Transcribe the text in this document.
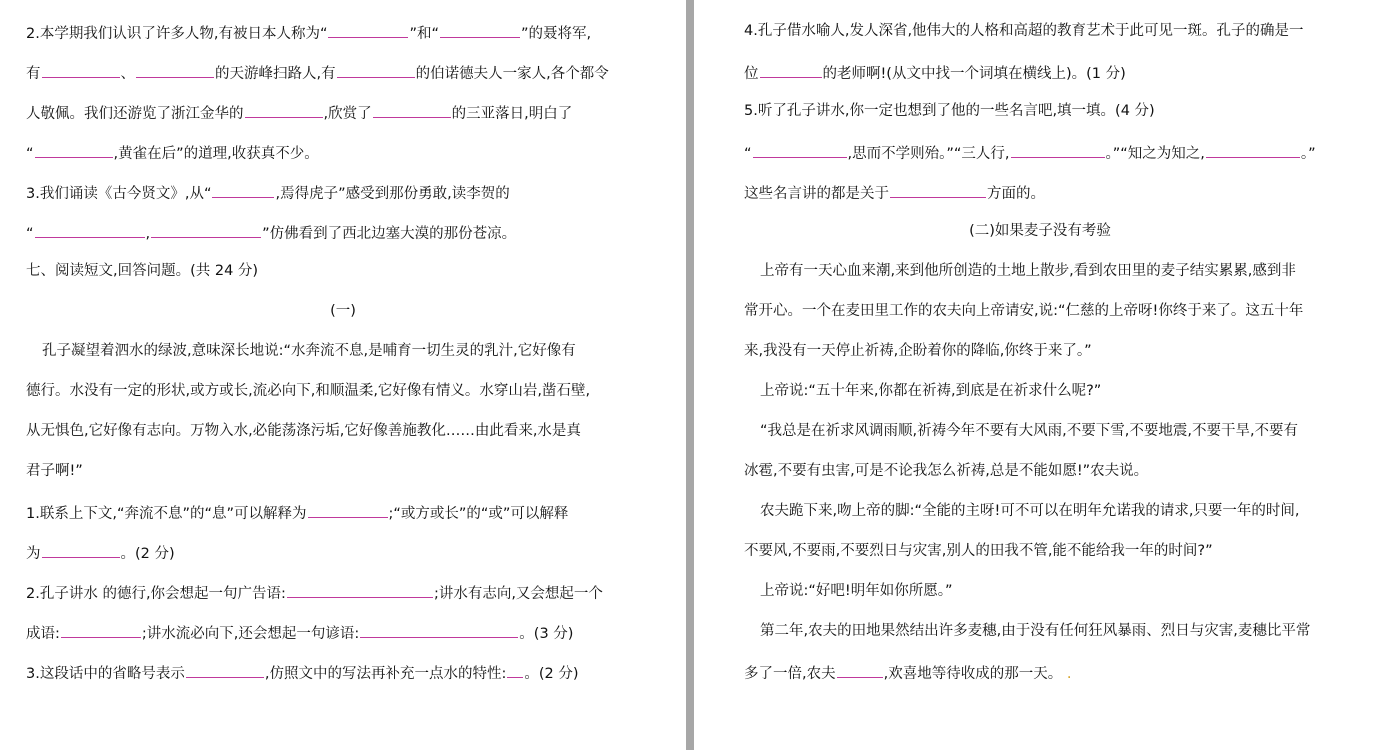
2.本学期我们认识了许多人物,有被日本人称为“	”和“	”的聂将军,
有	、	的天游峰扫路人,有	的伯诺德夫人一家人,各个都令
人敬佩。我们还游览了浙江金华的	,欣赏了	的三亚落日,明白了
“	,黄雀在后”的道理,收获真不少。
3.我们诵读《古今贤文》,从“	,焉得虎子”感受到那份勇敢,读李贺的
“	,	”仿佛看到了西北边塞大漠的那份苍凉。
七、阅读短文,回答问题。(共 24 分)
(一)
孔子凝望着泗水的绿波,意味深长地说:“水奔流不息,是哺育一切生灵的乳汁,它好像有
德行。水没有一定的形状,或方或长,流必向下,和顺温柔,它好像有情义。水穿山岩,凿石壁,
从无惧色,它好像有志向。万物入水,必能荡涤污垢,它好像善施教化……由此看来,水是真
君子啊!”
1.联系上下文,“奔流不息”的“息”可以解释为	;“或方或长”的“或”可以解释
为	。(2 分)
2.孔子讲水 的德行,你会想起一句广告语:	;讲水有志向,又会想起一个
成语:	;讲水流必向下,还会想起一句谚语:	。(3 分)
3.这段话中的省略号表示	,仿照文中的写法再补充一点水的特性: 。(2 分)
4.孔子借水喻人,发人深省,他伟大的人格和高超的教育艺术于此可见一斑。孔子的确是一
位	的老师啊!(从文中找一个词填在横线上)。(1 分)
5.听了孔子讲水,你一定也想到了他的一些名言吧,填一填。(4 分)
“	,思而不学则殆。”“三人行,	。”“知之为知之,	。”
这些名言讲的都是关于	方面的。
(二)如果麦子没有考验
上帝有一天心血来潮,来到他所创造的土地上散步,看到农田里的麦子结实累累,感到非
常开心。一个在麦田里工作的农夫向上帝请安,说:“仁慈的上帝呀!你终于来了。这五十年
来,我没有一天停止祈祷,企盼着你的降临,你终于来了。”
上帝说:“五十年来,你都在祈祷,到底是在祈求什么呢?”
“我总是在祈求风调雨顺,祈祷今年不要有大风雨,不要下雪,不要地震,不要干旱,不要有
冰雹,不要有虫害,可是不论我怎么祈祷,总是不能如愿!”农夫说。
农夫跪下来,吻上帝的脚:“全能的主呀!可不可以在明年允诺我的请求,只要一年的时间,
不要风,不要雨,不要烈日与灾害,别人的田我不管,能不能给我一年的时间?”
上帝说:“好吧!明年如你所愿。”
第二年,农夫的田地果然结出许多麦穗,由于没有任何狂风暴雨、烈日与灾害,麦穗比平常
多了一倍,农夫	,欢喜地等待收成的那一天。 .
